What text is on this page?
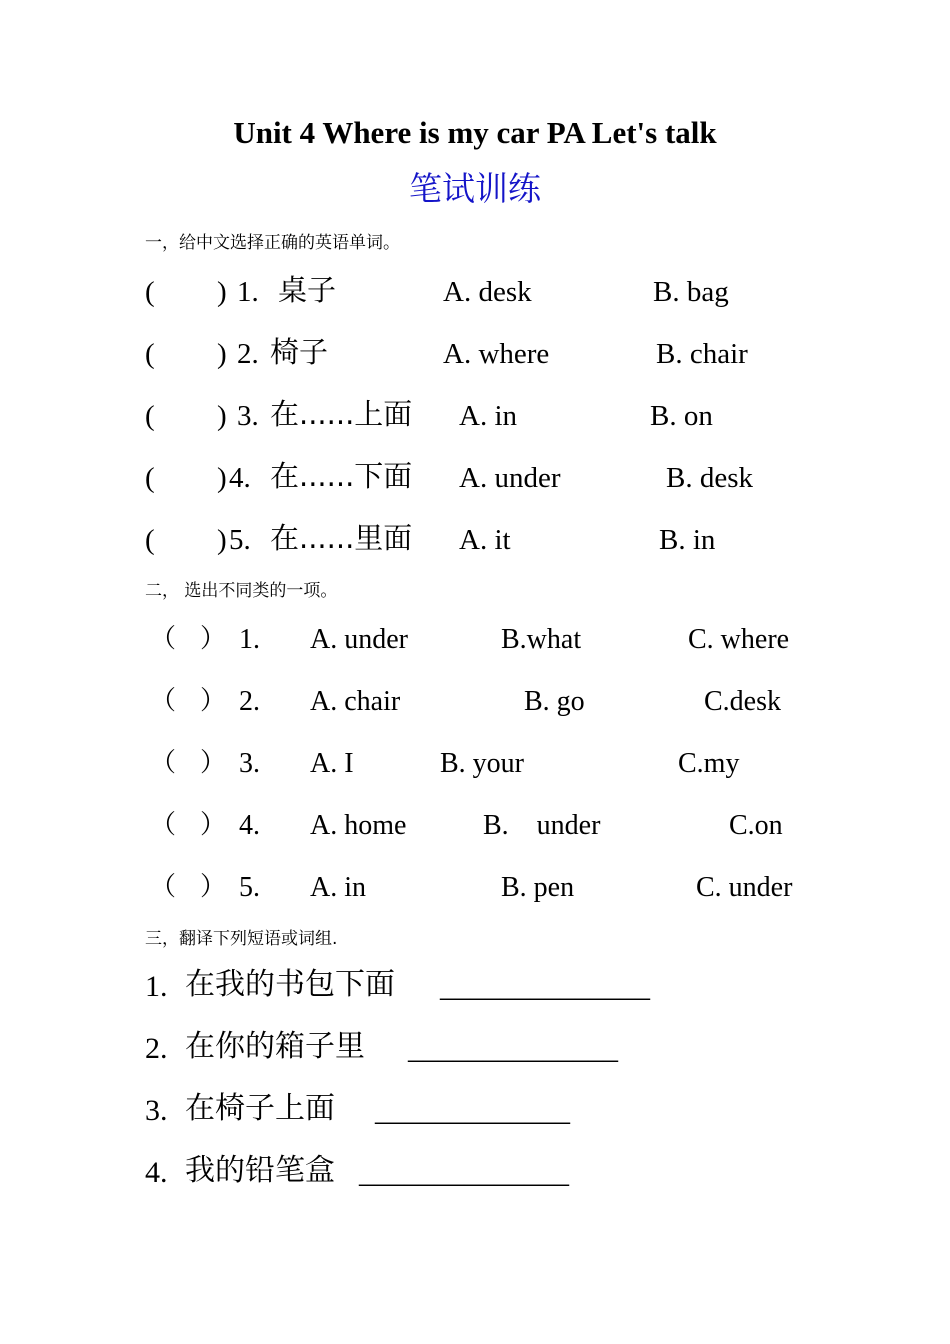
Unit 4 Where is my car PA Let's talk
笔试训练
一，给中文选择正确的英语单词。
( ) 1. 桌子	A. desk	B. bag
( ) 2. 椅子	A. where	B. chair
( ) 3. 在......上面 A. in	B. on
( ) 4. 在......下面 A. under	B. desk
( ) 5. 在......里面 A. it	B. in
二， 选出不同类的一项。
（ ） 1. A. under	B.what	C. where
（ ） 2. A. chair	B. go	C.desk
（ ） 3. A. I	B. your	C.my
（ ） 4. A. home	B.    under	C.on
（ ） 5. A. in	B. pen	C. under
三，翻译下列短语或词组.
1. 在我的书包下面 ______________
2. 在你的箱子里 ______________
3. 在椅子上面 _____________
4. 我的铅笔盒 ______________
